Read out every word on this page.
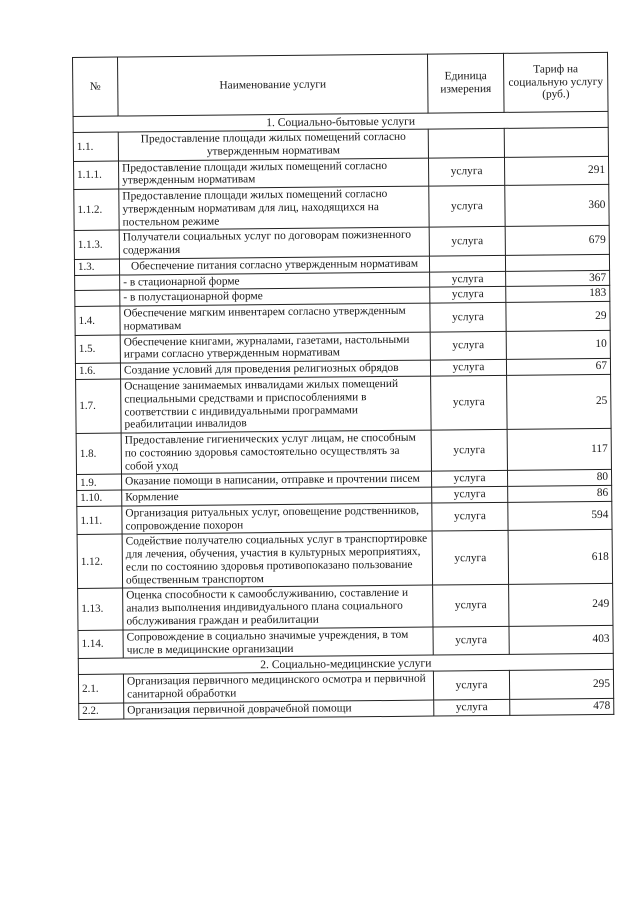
№	Наименование услуги	Единица измерения	Тариф на социальную услугу (руб.)
1. Социально-бытовые услуги			
1.1.	Предоставление площади жилых помещений согласно утвержденным нормативам		
1.1.1.	Предоставление площади жилых помещений согласно утвержденным нормативам	услуга	291
1.1.2.	Предоставление площади жилых помещений согласно утвержденным нормативам для лиц, находящихся на постельном режиме	услуга	360
1.1.3.	Получатели социальных услуг по договорам пожизненного содержания	услуга	679
1.3.	Обеспечение питания согласно утвержденным нормативам		
	- в стационарной форме	услуга	367
	- в полустационарной форме	услуга	183
1.4.	Обеспечение мягким инвентарем согласно утвержденным нормативам	услуга	29
1.5.	Обеспечение книгами, журналами, газетами, настольными играми согласно утвержденным нормативам	услуга	10
1.6.	Создание условий для проведения религиозных обрядов	услуга	67
1.7.	Оснащение занимаемых инвалидами жилых помещений специальными средствами и приспособлениями в соответствии с индивидуальными программами реабилитации инвалидов	услуга	25
1.8.	Предоставление гигиенических услуг лицам, не способным по состоянию здоровья самостоятельно осуществлять за собой уход	услуга	117
1.9.	Оказание помощи в написании, отправке и прочтении писем	услуга	80
1.10.	Кормление	услуга	86
1.11.	Организация ритуальных услуг, оповещение родственников, сопровождение похорон	услуга	594
1.12.	Содействие получателю социальных услуг в транспортировке для лечения, обучения, участия в культурных мероприятиях, если по состоянию здоровья противопоказано пользование общественным транспортом	услуга	618
1.13.	Оценка способности к самообслуживанию, составление и анализ выполнения индивидуального плана социального обслуживания граждан и реабилитации	услуга	249
1.14.	Сопровождение в социально значимые учреждения, в том числе в медицинские организации	услуга	403
2. Социально-медицинские услуги			
2.1.	Организация первичного медицинского осмотра и первичной санитарной обработки	услуга	295
2.2.	Организация первичной доврачебной помощи	услуга	478
